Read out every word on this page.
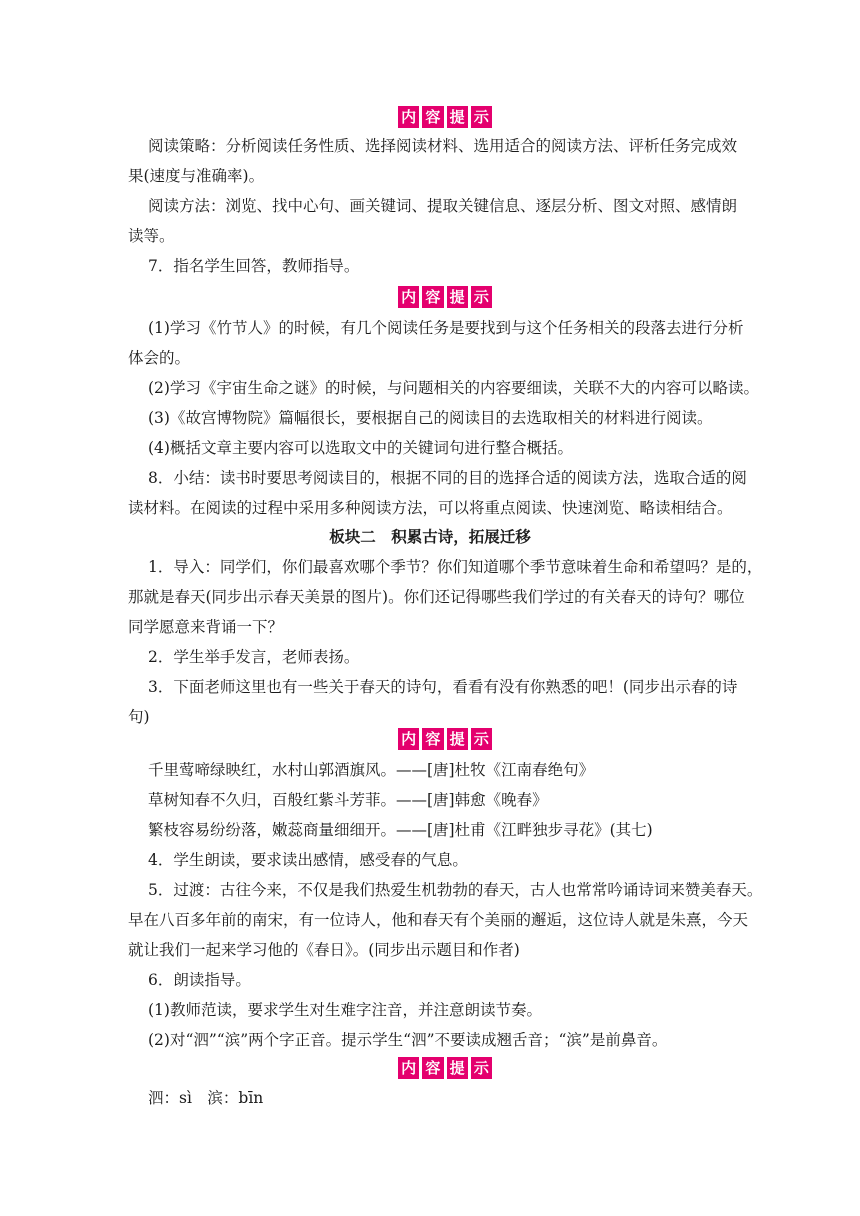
内 容 提 示
阅读策略：分析阅读任务性质、选择阅读材料、选用适合的阅读方法、评析任务完成效
果(速度与准确率)。
阅读方法：浏览、找中心句、画关键词、提取关键信息、逐层分析、图文对照、感情朗
读等。
7．指名学生回答，教师指导。
内 容 提 示
(1)学习《竹节人》的时候，有几个阅读任务是要找到与这个任务相关的段落去进行分析
体会的。
(2)学习《宇宙生命之谜》的时候，与问题相关的内容要细读，关联不大的内容可以略读。
(3)《故宫博物院》篇幅很长，要根据自己的阅读目的去选取相关的材料进行阅读。
(4)概括文章主要内容可以选取文中的关键词句进行整合概括。
8．小结：读书时要思考阅读目的，根据不同的目的选择合适的阅读方法，选取合适的阅
读材料。在阅读的过程中采用多种阅读方法，可以将重点阅读、快速浏览、略读相结合。
板块二　积累古诗，拓展迁移
1．导入：同学们，你们最喜欢哪个季节？你们知道哪个季节意味着生命和希望吗？是的，
那就是春天(同步出示春天美景的图片)。你们还记得哪些我们学过的有关春天的诗句？哪位
同学愿意来背诵一下？
2．学生举手发言，老师表扬。
3．下面老师这里也有一些关于春天的诗句，看看有没有你熟悉的吧！(同步出示春的诗
句)
内 容 提 示
千里莺啼绿映红，水村山郭酒旗风。——[唐]杜牧《江南春绝句》
草树知春不久归，百般红紫斗芳菲。——[唐]韩愈《晚春》
繁枝容易纷纷落，嫩蕊商量细细开。——[唐]杜甫《江畔独步寻花》(其七)
4．学生朗读，要求读出感情，感受春的气息。
5．过渡：古往今来，不仅是我们热爱生机勃勃的春天，古人也常常吟诵诗词来赞美春天。
早在八百多年前的南宋，有一位诗人，他和春天有个美丽的邂逅，这位诗人就是朱熹，今天
就让我们一起来学习他的《春日》。(同步出示题目和作者)
6．朗读指导。
(1)教师范读，要求学生对生难字注音，并注意朗读节奏。
(2)对“泗”“滨”两个字正音。提示学生“泗”不要读成翘舌音；“滨”是前鼻音。
内 容 提 示
泗：sì　滨：bīn
